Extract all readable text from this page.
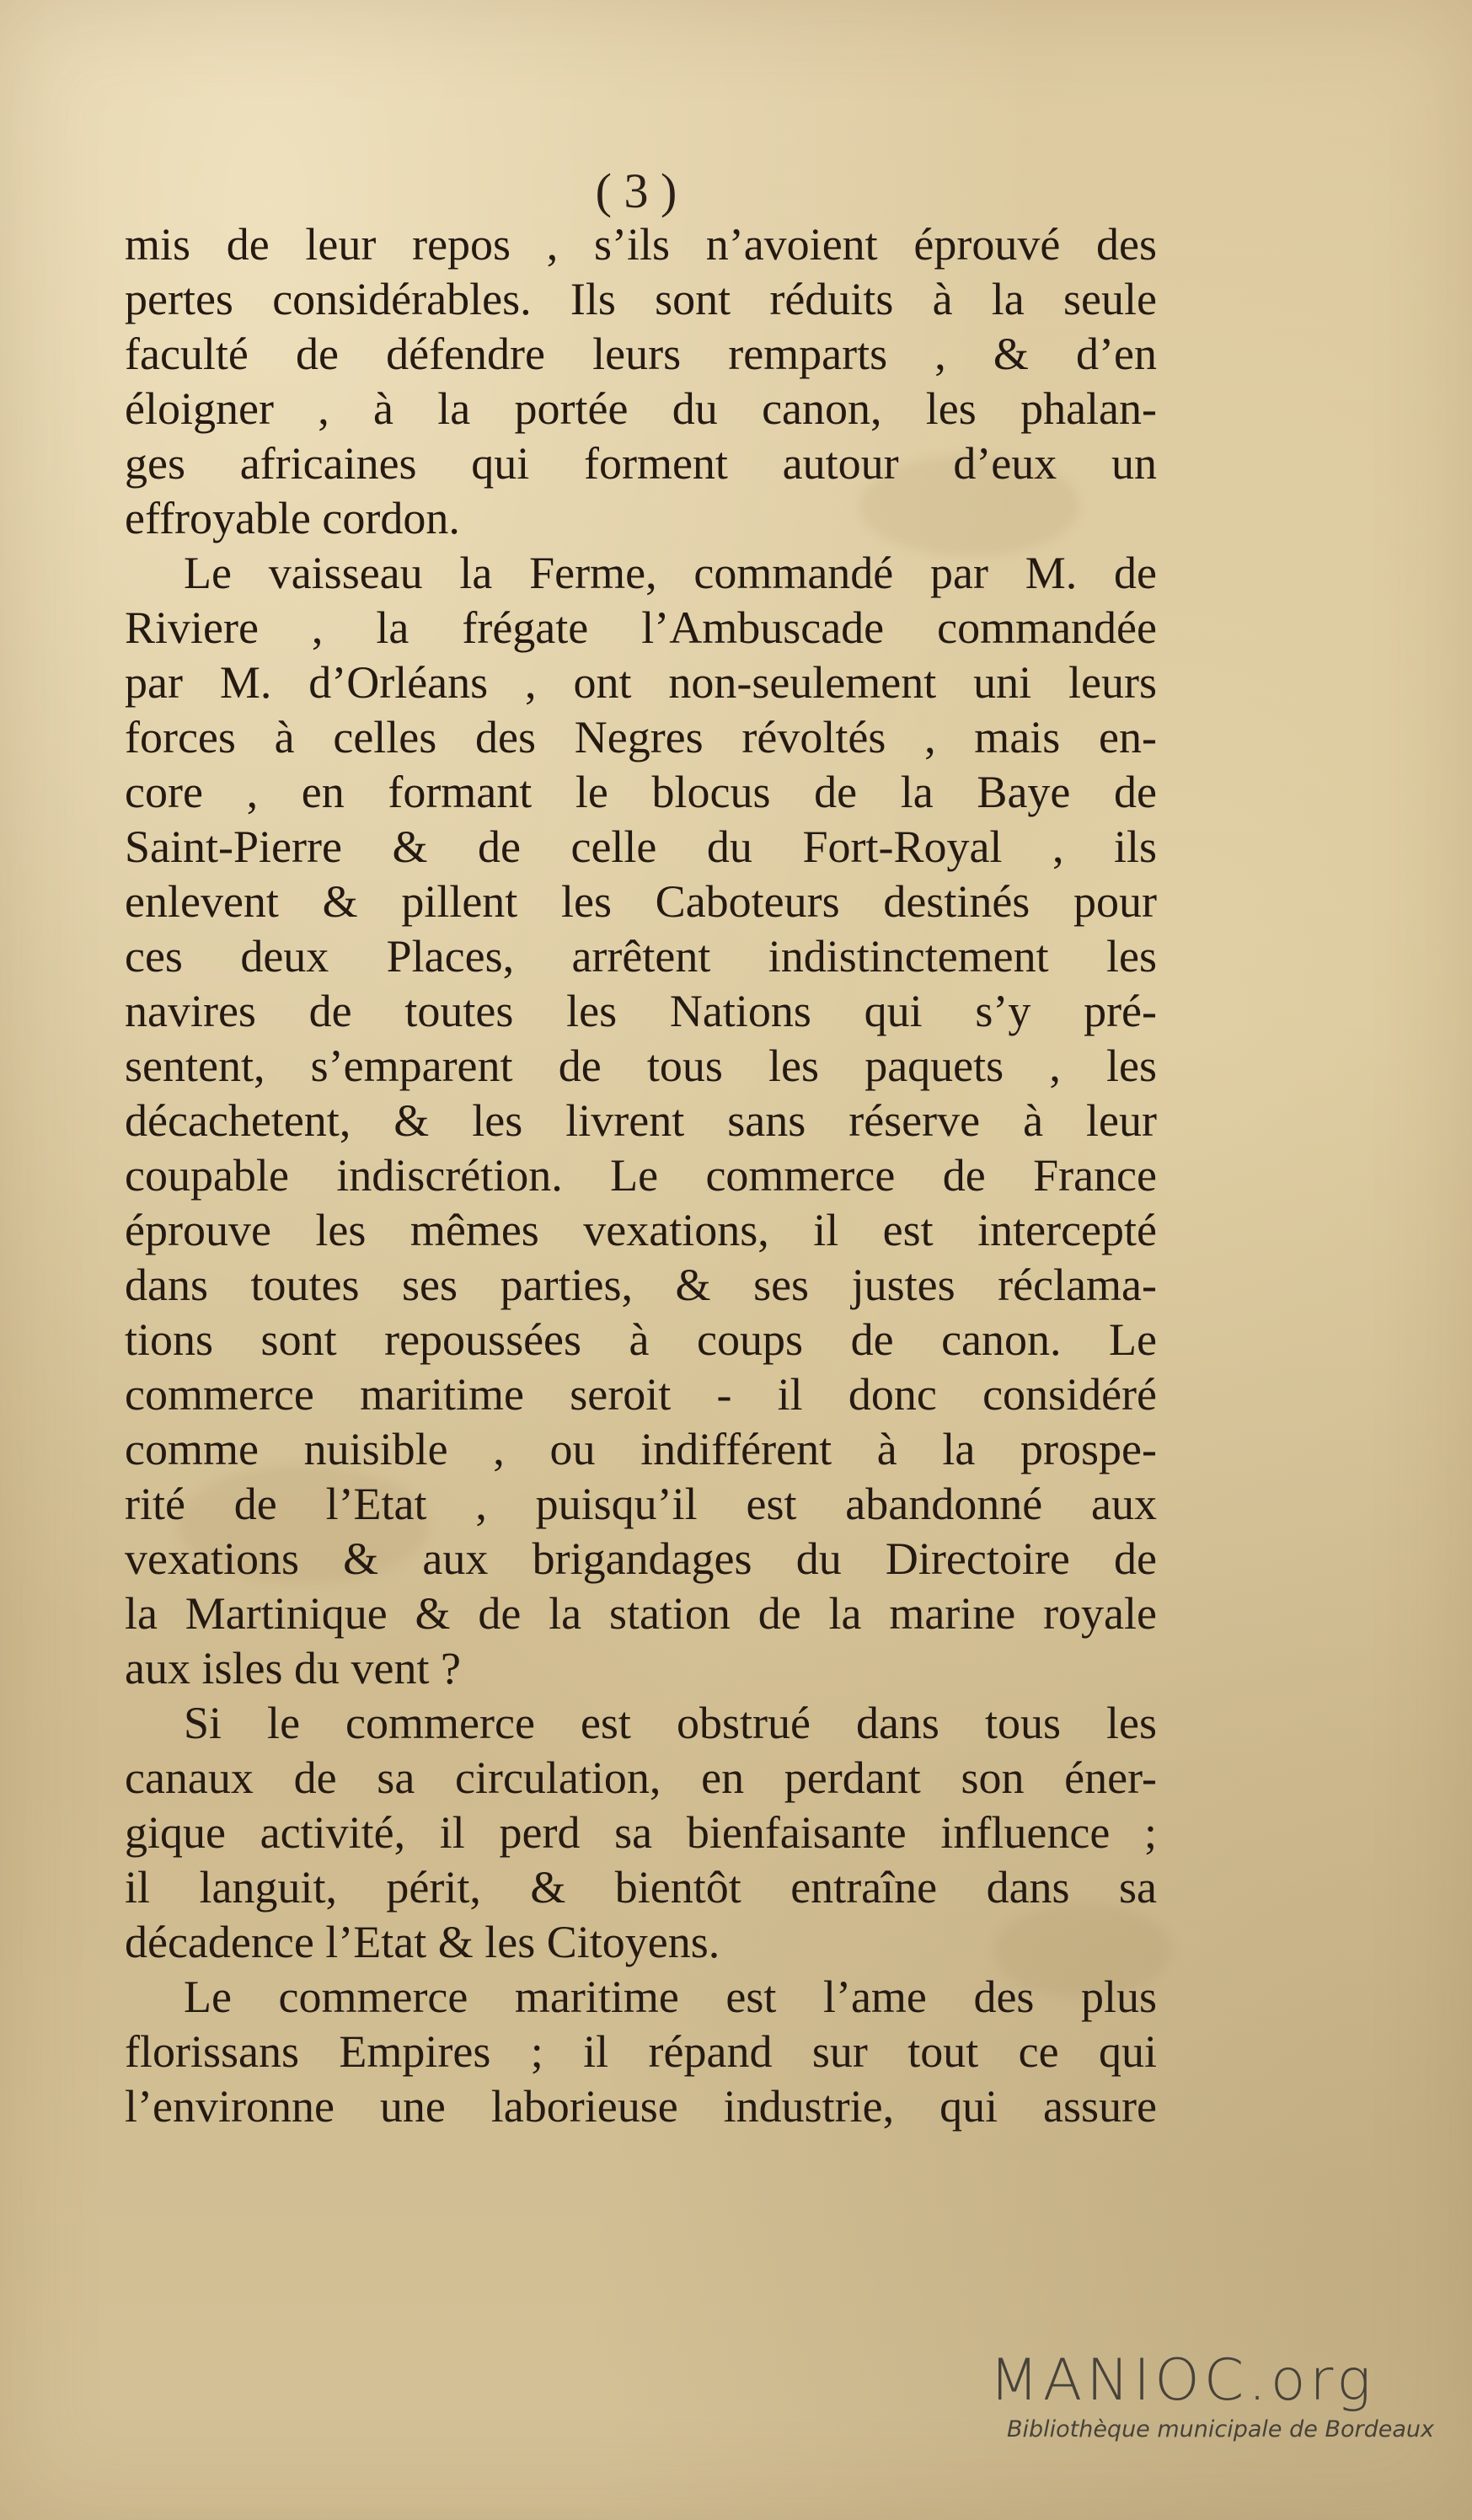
( 3 )
mis de leur repos , s’ils n’avoient éprouvé des
pertes considérables. Ils sont réduits à la seule
faculté de défendre leurs remparts , & d’en
éloigner , à la portée du canon, les phalan-
ges africaines qui forment autour d’eux un
effroyable cordon.
Le vaisseau la Ferme, commandé par M. de
Riviere , la frégate l’Ambuscade commandée
par M. d’Orléans , ont non-seulement uni leurs
forces à celles des Negres révoltés , mais en-
core , en formant le blocus de la Baye de
Saint-Pierre & de celle du Fort-Royal , ils
enlevent & pillent les Caboteurs destinés pour
ces deux Places, arrêtent indistinctement les
navires de toutes les Nations qui s’y pré-
sentent, s’emparent de tous les paquets , les
décachetent, & les livrent sans réserve à leur
coupable indiscrétion. Le commerce de France
éprouve les mêmes vexations, il est intercepté
dans toutes ses parties, & ses justes réclama-
tions sont repoussées à coups de canon. Le
commerce maritime seroit - il donc considéré
comme nuisible , ou indifférent à la prospe-
rité de l’Etat , puisqu’il est abandonné aux
vexations & aux brigandages du Directoire de
la Martinique & de la station de la marine royale
aux isles du vent ?
Si le commerce est obstrué dans tous les
canaux de sa circulation, en perdant son éner-
gique activité, il perd sa bienfaisante influence ;
il languit, périt, & bientôt entraîne dans sa
décadence l’Etat & les Citoyens.
Le commerce maritime est l’ame des plus
florissans Empires ; il répand sur tout ce qui
l’environne une laborieuse industrie, qui assure
MANIOC.org
Bibliothèque municipale de Bordeaux
